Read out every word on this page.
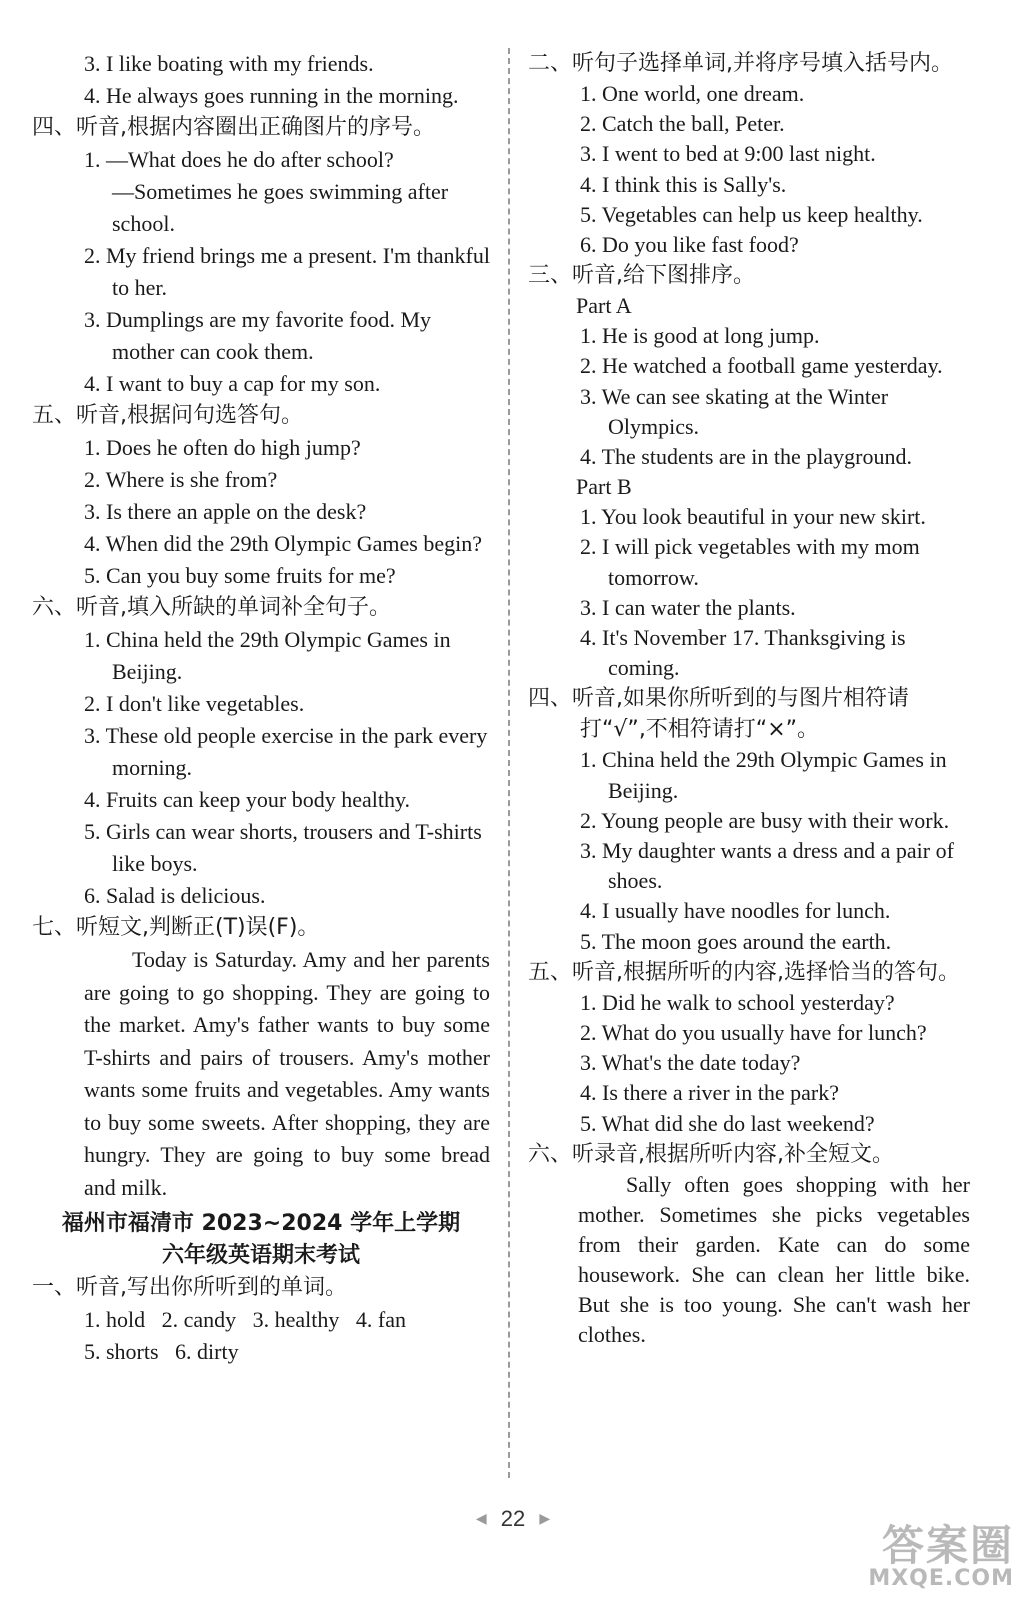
3. I like boating with my friends.

4. He always goes running in the morning.

四、听音,根据内容圈出正确图片的序号。

1. —What does he do after school?

—Sometimes he goes swimming after school.

2. My friend brings me a present. I'm thankful to her.

3. Dumplings are my favorite food. My mother can cook them.

4. I want to buy a cap for my son.

五、听音,根据问句选答句。

1. Does he often do high jump?

2. Where is she from?

3. Is there an apple on the desk?

4. When did the 29th Olympic Games begin?

5. Can you buy some fruits for me?

六、听音,填入所缺的单词补全句子。

1. China held the 29th Olympic Games in Beijing.

2. I don't like vegetables.

3. These old people exercise in the park every morning.

4. Fruits can keep your body healthy.

5. Girls can wear shorts, trousers and T-shirts like boys.

6. Salad is delicious.

七、听短文,判断正(T)误(F)。

Today is Saturday. Amy and her parents are going to go shopping. They are going to the market. Amy's father wants to buy some T-shirts and pairs of trousers. Amy's mother wants some fruits and vegetables. Amy wants to buy some sweets. After shopping, they are hungry. They are going to buy some bread and milk.

福州市福清市 2023~2024 学年上学期

六年级英语期末考试

一、听音,写出你所听到的单词。

1. hold   2. candy   3. healthy   4. fan

5. shorts   6. dirty

二、听句子选择单词,并将序号填入括号内。

1. One world, one dream.

2. Catch the ball, Peter.

3. I went to bed at 9:00 last night.

4. I think this is Sally's.

5. Vegetables can help us keep healthy.

6. Do you like fast food?

三、听音,给下图排序。

Part A

1. He is good at long jump.

2. He watched a football game yesterday.

3. We can see skating at the Winter Olympics.

4. The students are in the playground.

Part B

1. You look beautiful in your new skirt.

2. I will pick vegetables with my mom tomorrow.

3. I can water the plants.

4. It's November 17. Thanksgiving is coming.

四、听音,如果你所听到的与图片相符请打“√”,不相符请打“×”。

1. China held the 29th Olympic Games in Beijing.

2. Young people are busy with their work.

3. My daughter wants a dress and a pair of shoes.

4. I usually have noodles for lunch.

5. The moon goes around the earth.

五、听音,根据所听的内容,选择恰当的答句。

1. Did he walk to school yesterday?

2. What do you usually have for lunch?

3. What's the date today?

4. Is there a river in the park?

5. What did she do last weekend?

六、听录音,根据所听内容,补全短文。

Sally often goes shopping with her mother. Sometimes she picks vegetables from their garden. Kate can do some housework. She can clean her little bike. But she is too young. She can't wash her clothes.

◀ 22 ▶
答案圈
MXQE.COM
